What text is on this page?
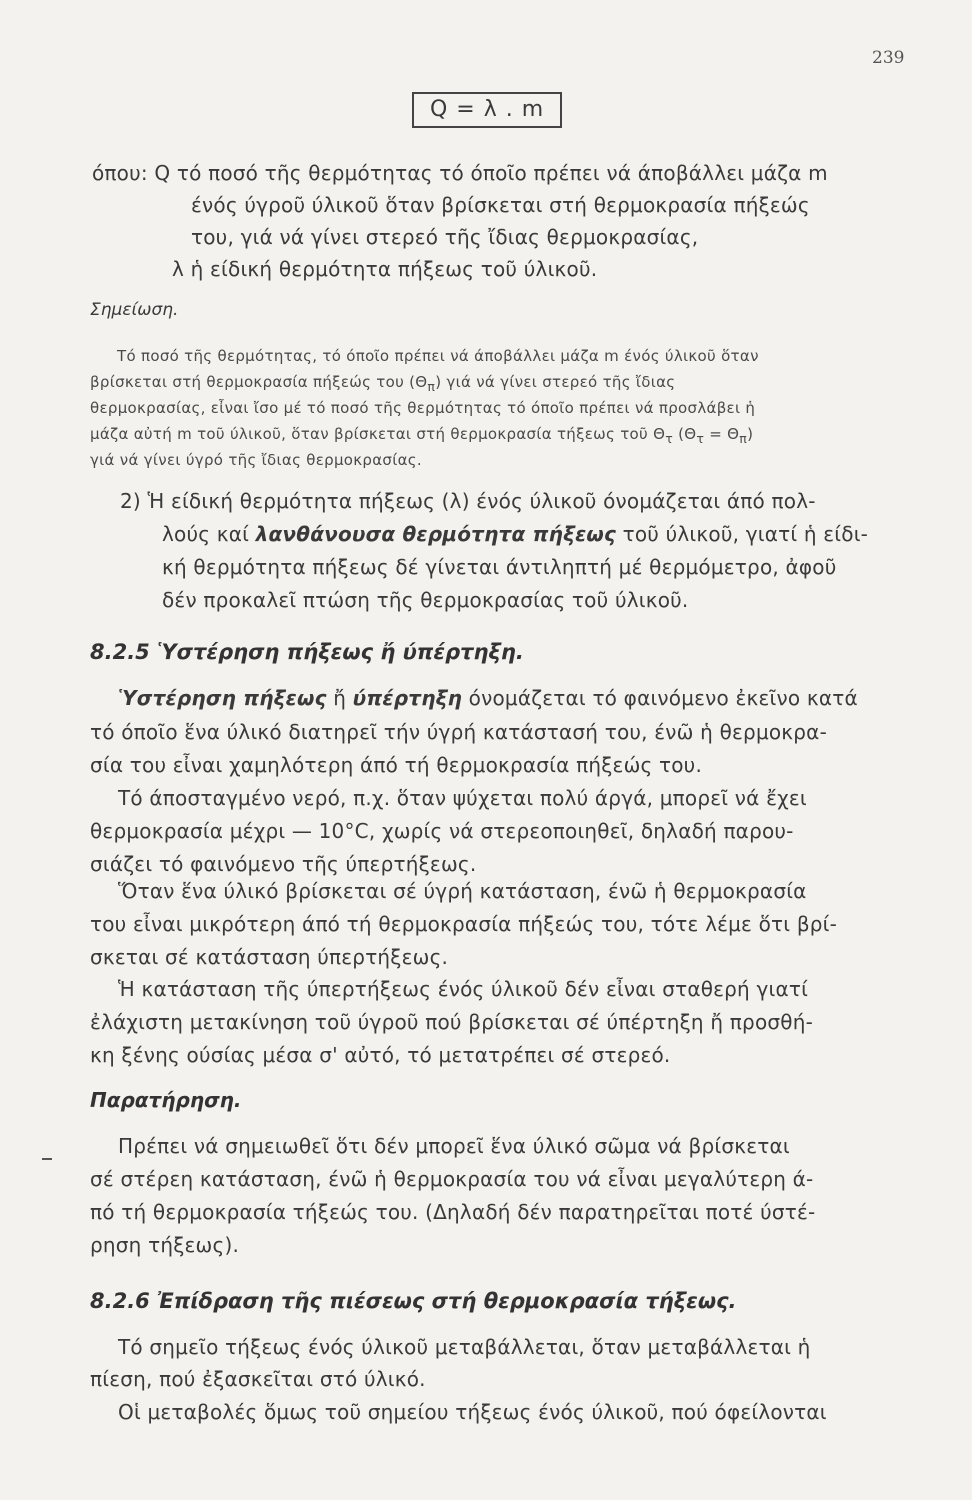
239
Q = λ . m
όπου: Q τό ποσό τῆς θερμότητας τό όποῖο πρέπει νά άποβάλλει μάζα m
ένός ύγροῦ ύλικοῦ ὅταν βρίσκεται στή θερμοκρασία πήξεώς
του, γιά νά γίνει στερεό τῆς ἴδιας θερμοκρασίας,
λ ἡ είδική θερμότητα πήξεως τοῦ ύλικοῦ.
Σημείωση.
Τό ποσό τῆς θερμότητας, τό όποῖο πρέπει νά άποβάλλει μάζα m ένός ύλικοῦ ὅταν
βρίσκεται στή θερμοκρασία πήξεώς του $(\Theta_\pi)$ γιά νά γίνει στερεό τῆς ἴδιας
θερμοκρασίας, εἶναι ἴσο μέ τό ποσό τῆς θερμότητας τό όποῖο πρέπει νά προσλάβει ἡ
μάζα αὐτή m τοῦ ύλικοῦ, ὅταν βρίσκεται στή θερμοκρασία τήξεως τοῦ $\Theta_\tau$ $(\Theta_\tau = \Theta_\pi)$
γιά νά γίνει ύγρό τῆς ἴδιας θερμοκρασίας.
2) Ἡ είδική θερμότητα πήξεως (λ) ένός ύλικοῦ όνομάζεται άπό πολ-
λούς καί λανθάνουσα θερμότητα πήξεως τοῦ ύλικοῦ, γιατί ἡ είδι-
κή θερμότητα πήξεως δέ γίνεται άντιληπτή μέ θερμόμετρο, ἀφοῦ
δέν προκαλεῖ πτώση τῆς θερμοκρασίας τοῦ ύλικοῦ.
8.2.5 Ὑστέρηση πήξεως ἤ ύπέρτηξη.
Ὑστέρηση πήξεως ἤ ύπέρτηξη όνομάζεται τό φαινόμενο ἐκεῖνο κατά
τό όποῖο ἕνα ύλικό διατηρεῖ τήν ύγρή κατάστασή του, ένῶ ἡ θερμοκρα-
σία του εἶναι χαμηλότερη άπό τή θερμοκρασία πήξεώς του.
Τό άποσταγμένο νερό, π.χ. ὅταν ψύχεται πολύ άργά, μπορεῖ νά ἔχει
θερμοκρασία μέχρι — 10°C, χωρίς νά στερεοποιηθεῖ, δηλαδή παρου-
σιάζει τό φαινόμενο τῆς ύπερτήξεως.
Ὅταν ἕνα ύλικό βρίσκεται σέ ύγρή κατάσταση, ένῶ ἡ θερμοκρασία
του εἶναι μικρότερη άπό τή θερμοκρασία πήξεώς του, τότε λέμε ὅτι βρί-
σκεται σέ κατάσταση ύπερτήξεως.
Ἡ κατάσταση τῆς ύπερτήξεως ένός ύλικοῦ δέν εἶναι σταθερή γιατί
ἐλάχιστη μετακίνηση τοῦ ύγροῦ πού βρίσκεται σέ ύπέρτηξη ἤ προσθή-
κη ξένης ούσίας μέσα σ' αὐτό, τό μετατρέπει σέ στερεό.
Παρατήρηση.
Πρέπει νά σημειωθεῖ ὅτι δέν μπορεῖ ἕνα ύλικό σῶμα νά βρίσκεται
σέ στέρεη κατάσταση, ένῶ ἡ θερμοκρασία του νά εἶναι μεγαλύτερη ά-
πό τή θερμοκρασία τήξεώς του. (Δηλαδή δέν παρατηρεῖται ποτέ ύστέ-
ρηση τήξεως).
8.2.6 Ἐπίδραση τῆς πιέσεως στή θερμοκρασία τήξεως.
Τό σημεῖο τήξεως ένός ύλικοῦ μεταβάλλεται, ὅταν μεταβάλλεται ἡ
πίεση, πού ἐξασκεῖται στό ύλικό.
Οἱ μεταβολές ὅμως τοῦ σημείου τήξεως ένός ύλικοῦ, πού όφείλονται
